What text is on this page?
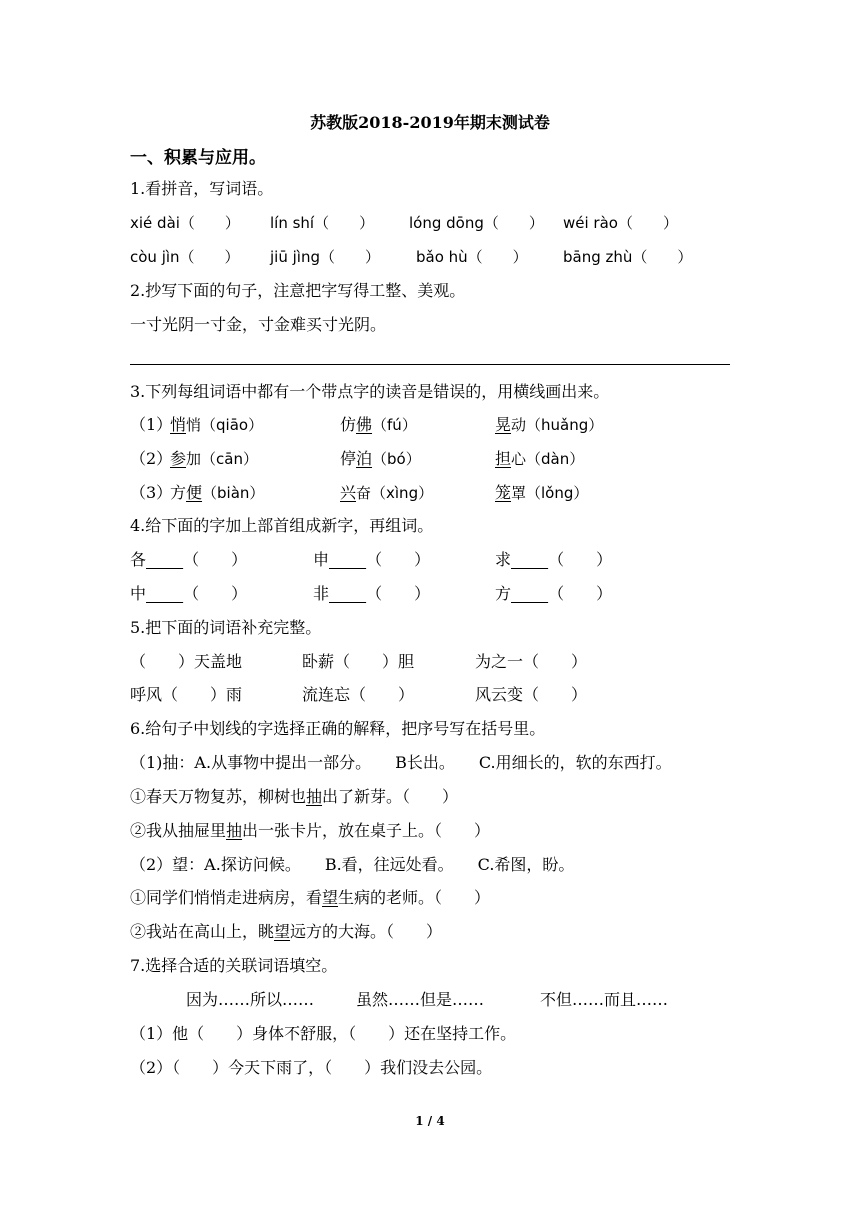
苏教版2018-2019年期末测试卷
一、积累与应用。
1.看拼音，写词语。
xié dài（　　） lín shí（　　） lóng dōng（　　） wéi rào（　　）
còu jìn（　　） jiū jìng（　　） bǎo hù（　　） bāng zhù（　　）
2.抄写下面的句子，注意把字写得工整、美观。
一寸光阴一寸金，寸金难买寸光阴。
3.下列每组词语中都有一个带点字的读音是错误的，用横线画出来。
（1）
悄悄（qiāo）	仿佛（fú）	晃动（huǎng）
（2）
参加（cān）	停泊（bó）	担心（dàn）
（3）
方便（biàn）	兴奋（xìng）	笼罩（lǒng）
4.给下面的字加上部首组成新字，再组词。
各　　 （　　）	申　　 （　　）	求　　 （　　）
中　　 （　　）	非　　 （　　）	方　　 （　　）
5.把下面的词语补充完整。
（　　）天盖地	卧薪（　　）胆	为之一（　　）
呼风（　　）雨	流连忘（　　）	风云变（　　）
6.给句子中划线的字选择正确的解释，把序号写在括号里。
（1)抽：A.从事物中提出一部分。　　B长出。　　C.用细长的，软的东西打。
①春天万物复苏，柳树也抽出了新芽。（　　）
②我从抽屉里抽出一张卡片，放在桌子上。（　　）
（2）望：A.探访问候。　　B.看，往远处看。　　C.希图，盼。
①同学们悄悄走进病房，看望生病的老师。（　　）
②我站在高山上，眺望远方的大海。（　　）
7.选择合适的关联词语填空。
因为……所以……	虽然……但是……	不但……而且……
（1）他（　　）身体不舒服，（　　）还在坚持工作。
（2）（　　）今天下雨了，（　　）我们没去公园。
1 / 4
